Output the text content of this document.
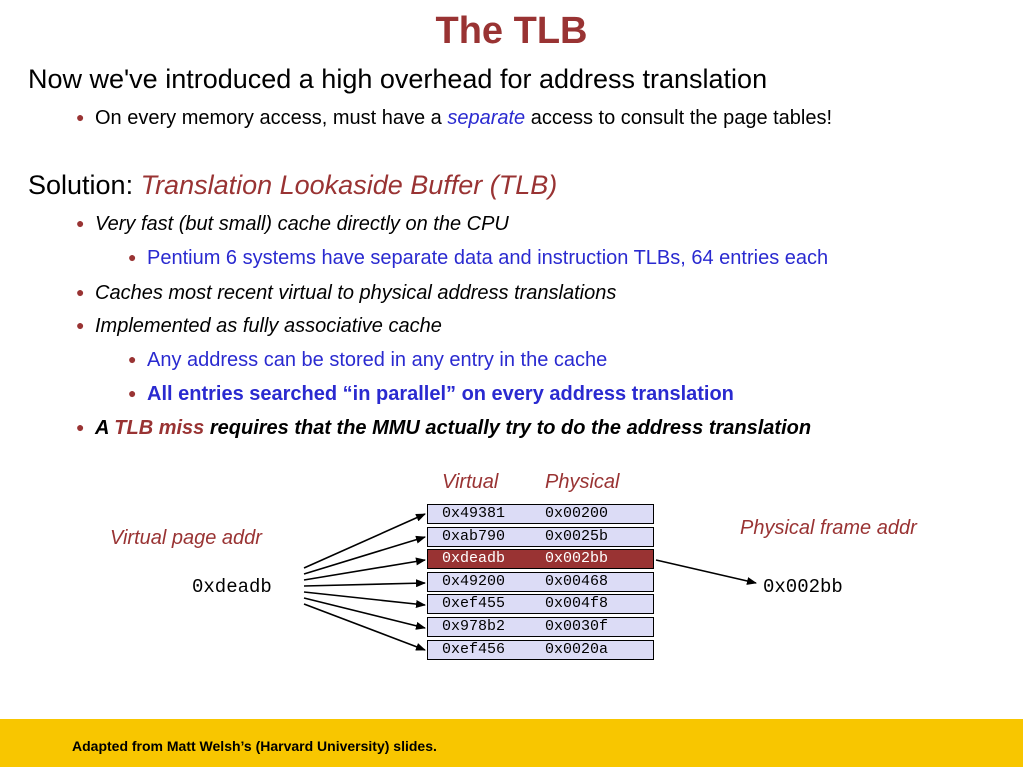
The TLB
Now we've introduced a high overhead for address translation
● On every memory access, must have a separate access to consult the page tables!
Solution: Translation Lookaside Buffer (TLB)
● Very fast (but small) cache directly on the CPU
● Pentium 6 systems have separate data and instruction TLBs, 64 entries each
● Caches most recent virtual to physical address translations
● Implemented as fully associative cache
● Any address can be stored in any entry in the cache
● All entries searched “in parallel” on every address translation
● A TLB miss requires that the MMU actually try to do the address translation
Virtual Physical
Virtual page addr
0xdeadb
Physical frame addr
0x002bb
0x49381	0x00200
0xab790	0x0025b
0xdeadb	0x002bb
0x49200	0x00468
0xef455	0x004f8
0x978b2	0x0030f
0xef456	0x0020a
Adapted from Matt Welsh’s (Harvard University) slides.
